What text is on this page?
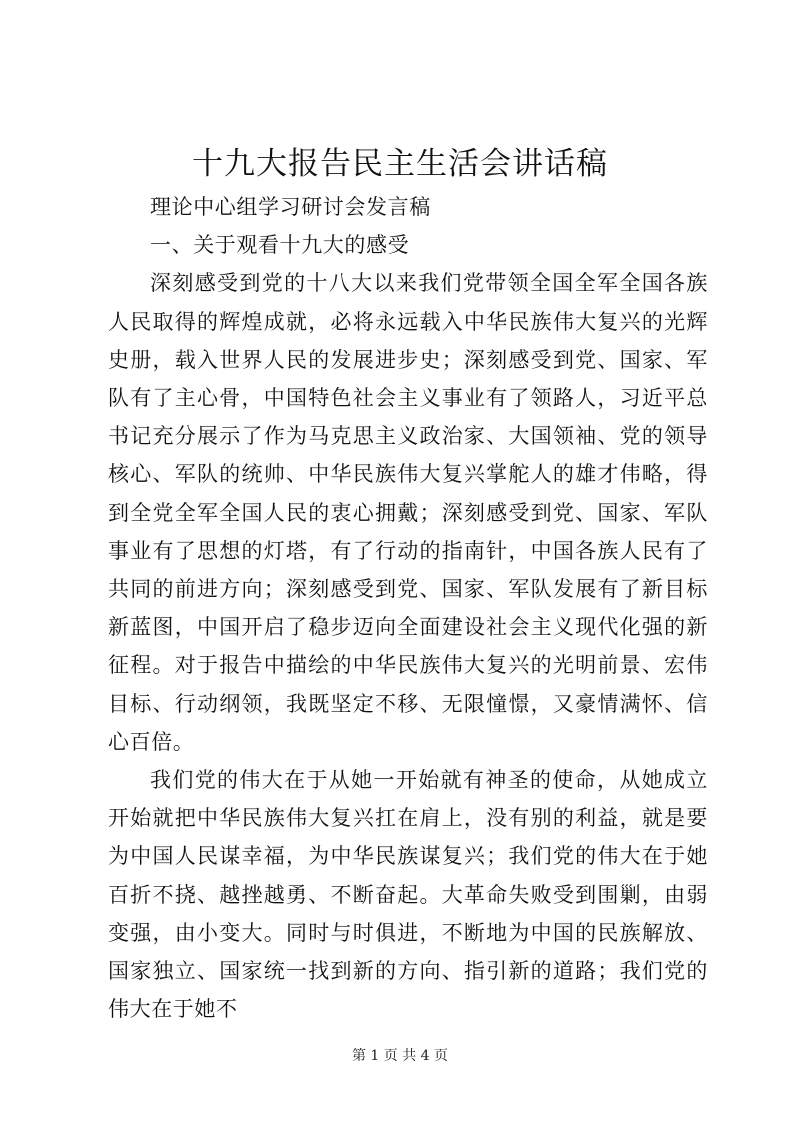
十九大报告民主生活会讲话稿

理论中心组学习研讨会发言稿

一、关于观看十九大的感受

深刻感受到党的十八大以来我们党带领全国全军全国各族人民取得的辉煌成就，必将永远载入中华民族伟大复兴的光辉史册，载入世界人民的发展进步史；深刻感受到党、国家、军队有了主心骨，中国特色社会主义事业有了领路人，习近平总书记充分展示了作为马克思主义政治家、大国领袖、党的领导核心、军队的统帅、中华民族伟大复兴掌舵人的雄才伟略，得到全党全军全国人民的衷心拥戴；深刻感受到党、国家、军队事业有了思想的灯塔，有了行动的指南针，中国各族人民有了共同的前进方向；深刻感受到党、国家、军队发展有了新目标新蓝图，中国开启了稳步迈向全面建设社会主义现代化强的新征程。对于报告中描绘的中华民族伟大复兴的光明前景、宏伟目标、行动纲领，我既坚定不移、无限憧憬，又豪情满怀、信心百倍。

我们党的伟大在于从她一开始就有神圣的使命，从她成立开始就把中华民族伟大复兴扛在肩上，没有别的利益，就是要为中国人民谋幸福，为中华民族谋复兴；我们党的伟大在于她百折不挠、越挫越勇、不断奋起。大革命失败受到围剿，由弱变强，由小变大。同时与时俱进，不断地为中国的民族解放、国家独立、国家统一找到新的方向、指引新的道路；我们党的伟大在于她不

第 1 页 共 4 页
